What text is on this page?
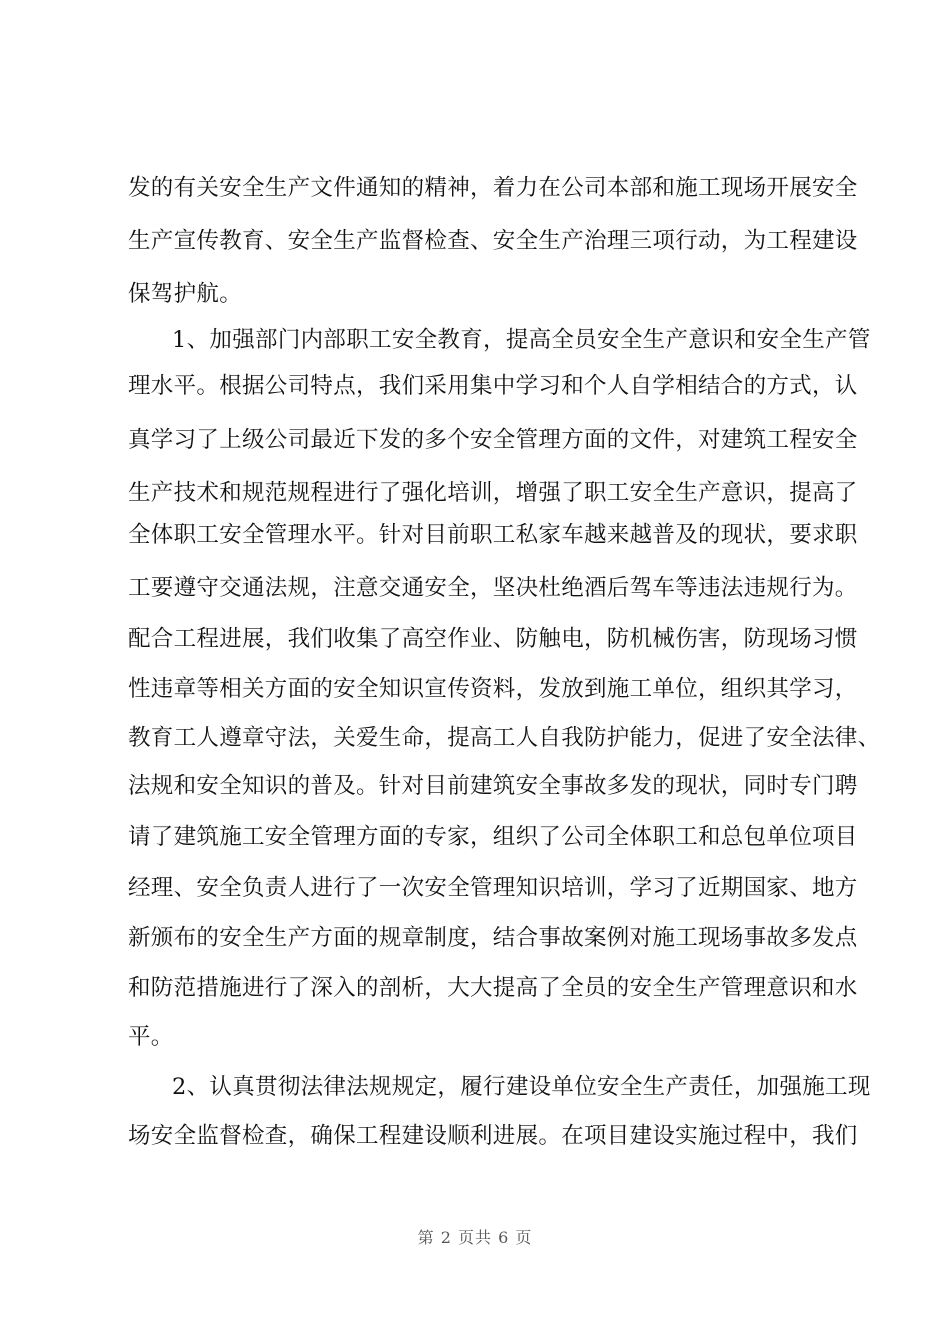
发的有关安全生产文件通知的精神，着力在公司本部和施工现场开展安全
生产宣传教育、安全生产监督检查、安全生产治理三项行动，为工程建设
保驾护航。
1、加强部门内部职工安全教育，提高全员安全生产意识和安全生产管
理水平。根据公司特点，我们采用集中学习和个人自学相结合的方式，认
真学习了上级公司最近下发的多个安全管理方面的文件，对建筑工程安全
生产技术和规范规程进行了强化培训，增强了职工安全生产意识，提高了
全体职工安全管理水平。针对目前职工私家车越来越普及的现状，要求职
工要遵守交通法规，注意交通安全，坚决杜绝酒后驾车等违法违规行为。
配合工程进展，我们收集了高空作业、防触电，防机械伤害，防现场习惯
性违章等相关方面的安全知识宣传资料，发放到施工单位，组织其学习，
教育工人遵章守法，关爱生命，提高工人自我防护能力，促进了安全法律、
法规和安全知识的普及。针对目前建筑安全事故多发的现状，同时专门聘
请了建筑施工安全管理方面的专家，组织了公司全体职工和总包单位项目
经理、安全负责人进行了一次安全管理知识培训，学习了近期国家、地方
新颁布的安全生产方面的规章制度，结合事故案例对施工现场事故多发点
和防范措施进行了深入的剖析，大大提高了全员的安全生产管理意识和水
平。
2、认真贯彻法律法规规定，履行建设单位安全生产责任，加强施工现
场安全监督检查，确保工程建设顺利进展。在项目建设实施过程中，我们
第 2 页共 6 页
